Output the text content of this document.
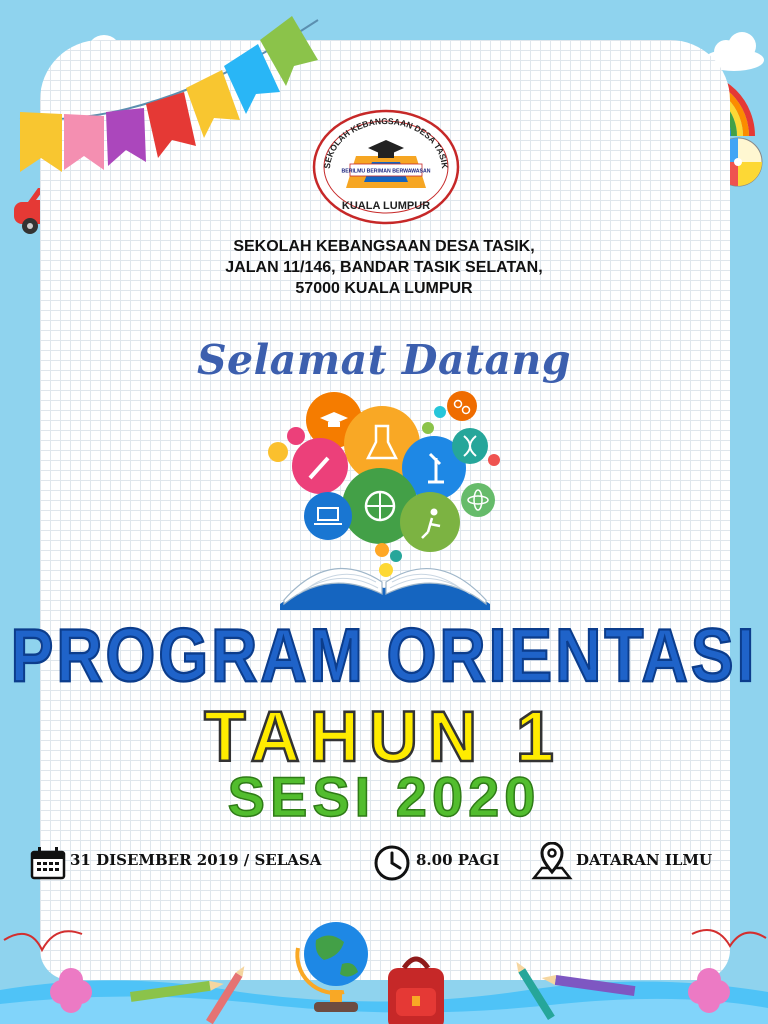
SEKOLAH KEBANGSAAN DESA TASIK
BERILMU BERIMAN BERWAWASAN
KUALA LUMPUR
SEKOLAH KEBANGSAAN DESA TASIK,
JALAN 11/146, BANDAR TASIK SELATAN,
57000 KUALA LUMPUR
Selamat Datang
PROGRAM ORIENTASI
TAHUN 1
SESI 2020
31 DISEMBER 2019 / SELASA	8.00 PAGI	DATARAN ILMU
